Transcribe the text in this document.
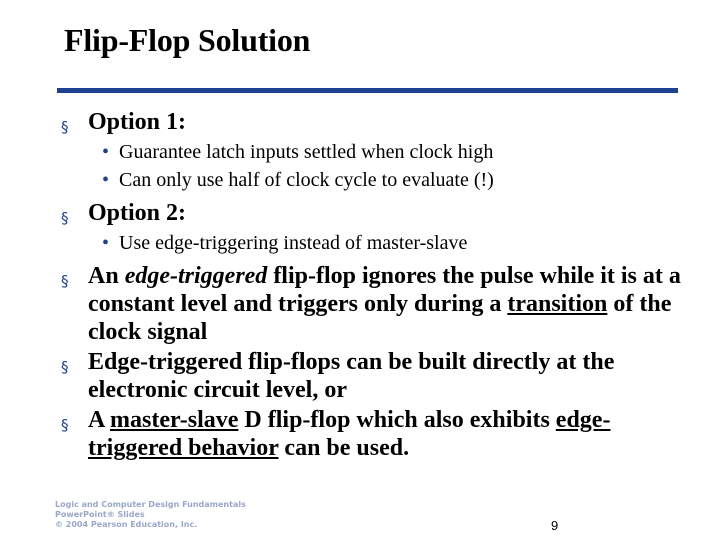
Flip-Flop Solution
§ Option 1:
• Guarantee latch inputs settled when clock high
• Can only use half of clock cycle to evaluate (!)
§ Option 2:
• Use edge-triggering instead of master-slave
§ An edge-triggered flip-flop ignores the pulse while it is at a constant level and triggers only during a transition of the clock signal
§ Edge-triggered flip-flops can be built directly at the electronic circuit level, or
§ A master-slave D flip-flop which also exhibits edge-triggered behavior can be used.
Logic and Computer Design Fundamentals
PowerPoint® Slides
© 2004 Pearson Education, Inc.	9
